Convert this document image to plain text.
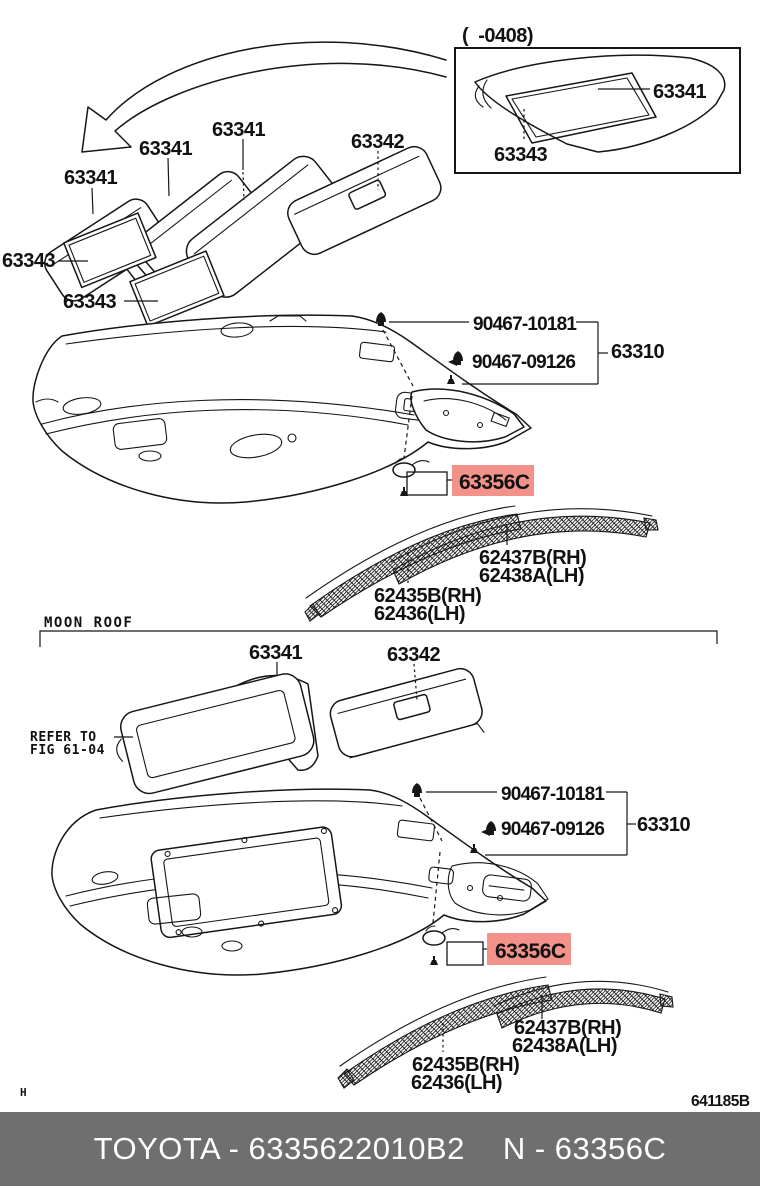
(  -0408)
63341
63343
63341
63341
63341
63342
63343
63343
90467-10181
90467-09126 63310
63356C
62437B(RH)
62438A(LH)
62435B(RH)
62436(LH)
MOON ROOF
63341	63342
REFER TO
FIG 61-04
90467-10181
90467-09126 63310
63356C
62437B(RH)
62438A(LH)
62435B(RH)
62436(LH)
641185B
H
TOYOTA - 6335622010B2 N - 63356C
